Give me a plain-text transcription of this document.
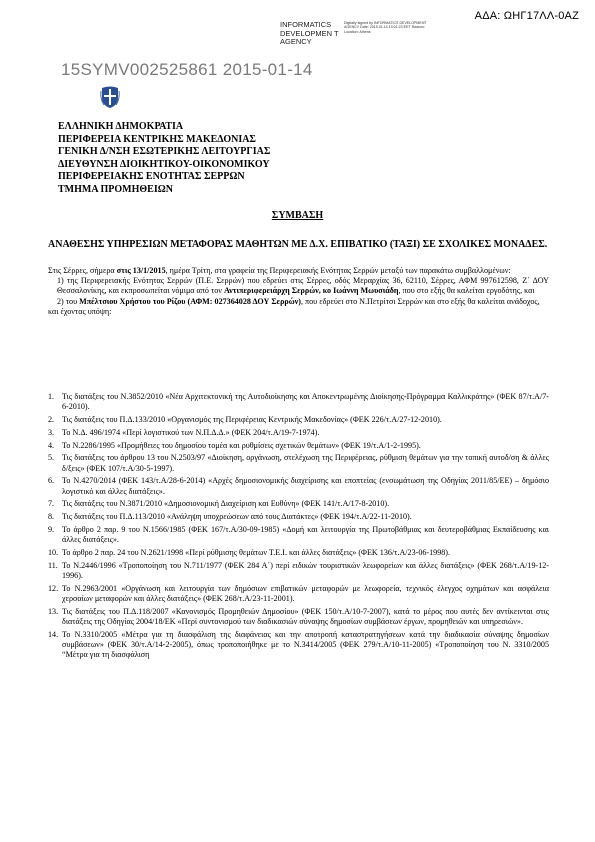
ΑΔΑ: ΩΗΓ17ΛΛ-0ΑΖ
INFORMATICS DEVELOPMEN T AGENCY
Digitally signed by INFORMATICS DEVELOPMENT AGENCY Date: 2015.01.14 13:01:23 EET Reason: Location: Athens
15SYMV002525861 2015-01-14
ΕΛΛΗΝΙΚΗ ΔΗΜΟΚΡΑΤΙΑ
ΠΕΡΙΦΕΡΕΙΑ ΚΕΝΤΡΙΚΗΣ ΜΑΚΕΔΟΝΙΑΣ
ΓΕΝΙΚΗ Δ/ΝΣΗ ΕΣΩΤΕΡΙΚΗΣ ΛΕΙΤΟΥΡΓΙΑΣ
ΔΙΕΥΘΥΝΣΗ ΔΙΟΙΚΗΤΙΚΟΥ-ΟΙΚΟΝΟΜΙΚΟΥ
ΠΕΡΙΦΕΡΕΙΑΚΗΣ ΕΝΟΤΗΤΑΣ ΣΕΡΡΩΝ
ΤΜΗΜΑ ΠΡΟΜΗΘΕΙΩΝ
ΣΥΜΒΑΣΗ
ΑΝΑΘΕΣΗΣ ΥΠΗΡΕΣΙΩΝ ΜΕΤΑΦΟΡΑΣ ΜΑΘΗΤΩΝ ΜΕ Δ.Χ. ΕΠΙΒΑΤΙΚΟ (ΤΑΞΙ) ΣΕ ΣΧΟΛΙΚΕΣ ΜΟΝΑΔΕΣ.

Στις Σέρρες, σήμερα στις 13/1/2015, ημέρα Τρίτη, στα γραφεία της Περιφερειακής Ενότητας Σερρών μεταξύ των παρακάτω συμβαλλομένων:

1) της Περιφερειακής Ενότητας Σερρών (Π.Ε. Σερρών) που εδρεύει στις Σέρρες, οδός Μεραρχίας 36, 62110, Σέρρες, ΑΦΜ 997612598, Ζ΄ ΔΟΥ Θεσσαλονίκης, και εκπροσωπείται νόμιμα από τον Αντιπεριφερειάρχη Σερρών, κο Ιωάννη Μωυσιάδη, που στο εξής θα καλείται εργοδότης, και

2) του Μπέλτσιου Χρήστου του Ρίζου (ΑΦΜ: 027364028 ΔΟΥ Σερρών), που εδρεύει στο Ν.Πετρίτσι Σερρών και στο εξής θα καλείται ανάδοχος,

και έχοντας υπόψη:

1. Τις διατάξεις του Ν.3852/2010 «Νέα Αρχιτεκτονική της Αυτοδιοίκησης και Αποκεντρωμένης Διοίκησης-Πρόγραμμα Καλλικράτης» (ΦΕΚ 87/τ.Α/7-6-2010).
2. Τις διατάξεις του Π.Δ.133/2010 «Οργανισμός της Περιφέρειας Κεντρικής Μακεδονίας» (ΦΕΚ 226/τ.Α/27-12-2010).
3. Το Ν.Δ. 496/1974 «Περί λογιστικού των Ν.Π.Δ.Δ.» (ΦΕΚ 204/τ.Α/19-7-1974).
4. Το Ν.2286/1995 «Προμήθειες του δημοσίου τομέα και ρυθμίσεις σχετικών θεμάτων» (ΦΕΚ 19/τ.Α/1-2-1995).
5. Τις διατάξεις του άρθρου 13 του Ν.2503/97 «Διοίκηση, οργάνωση, στελέχωση της Περιφέρειας, ρύθμιση θεμάτων για την τοπική αυτοδ/ση & άλλες δ/ξεις» (ΦΕΚ 107/τ.Α/30-5-1997).
6. Το Ν.4270/2014 (ΦΕΚ 143/τ.Α/28-6-2014) «Αρχές δημοσιονομικής διαχείρισης και εποπτείας (ενσωμάτωση της Οδηγίας 2011/85/ΕΕ) – δημόσιο λογιστικό και άλλες διατάξεις».
7. Τις διατάξεις του Ν.3871/2010 «Δημοσιονομική Διαχείριση και Ευθύνη» (ΦΕΚ 141/τ.Α/17-8-2010).
8. Τις διατάξεις του Π.Δ.113/2010 «Ανάληψη υποχρεώσεων από τους Διατάκτες» (ΦΕΚ 194/τ.Α/22-11-2010).
9. Το άρθρο 2 παρ. 9 του Ν.1566/1985 (ΦΕΚ 167/τ.Α/30-09-1985) «Δομή και λειτουργία της Πρωτοβάθμιας και δευτεροβάθμιας Εκπαίδευσης και άλλες διατάξεις».
10. Το άρθρο 2 παρ. 24 του Ν.2621/1998 «Περί ρύθμισης θεμάτων Τ.Ε.Ι. και άλλες διατάξεις» (ΦΕΚ 136/τ.Α/23-06-1998).
11. Το Ν.2446/1996 «Τροποποίηση του Ν.711/1977 (ΦΕΚ 284 Α΄) περί ειδικών τουριστικών λεωφορείων και άλλες διατάξεις» (ΦΕΚ 268/τ.Α/19-12-1996).
12. Το Ν.2963/2001 «Οργάνωση και λειτουργία των δημόσιων επιβατικών μεταφορών με λεωφορεία, τεχνικός έλεγχος οχημάτων και ασφάλεια χερσαίων μεταφορών και άλλες διατάξεις» (ΦΕΚ 268/τ.Α/23-11-2001).
13. Τις διατάξεις του Π.Δ.118/2007 «Κανονισμός Προμηθειών Δημοσίου» (ΦΕΚ 150/τ.Α/10-7-2007), κατά το μέρος που αυτές δεν αντίκεινται στις διατάξεις της Οδηγίας 2004/18/ΕΚ «Περί συντονισμού των διαδικασιών σύναψης δημοσίων συμβάσεων έργων, προμηθειών και υπηρεσιών».
14. Το Ν.3310/2005 «Μέτρα για τη διασφάλιση της διαφάνειας και την αποτροπή καταστρατηγήσεων κατά την διαδικασία σύναψης δημοσίων συμβάσεων» (ΦΕΚ 30/τ.Α/14-2-2005), όπως τροποποιήθηκε με το Ν.3414/2005 (ΦΕΚ 279/τ.Α/10-11-2005) «Τροποποίηση του Ν. 3310/2005 “Μέτρα για τη διασφάλιση
